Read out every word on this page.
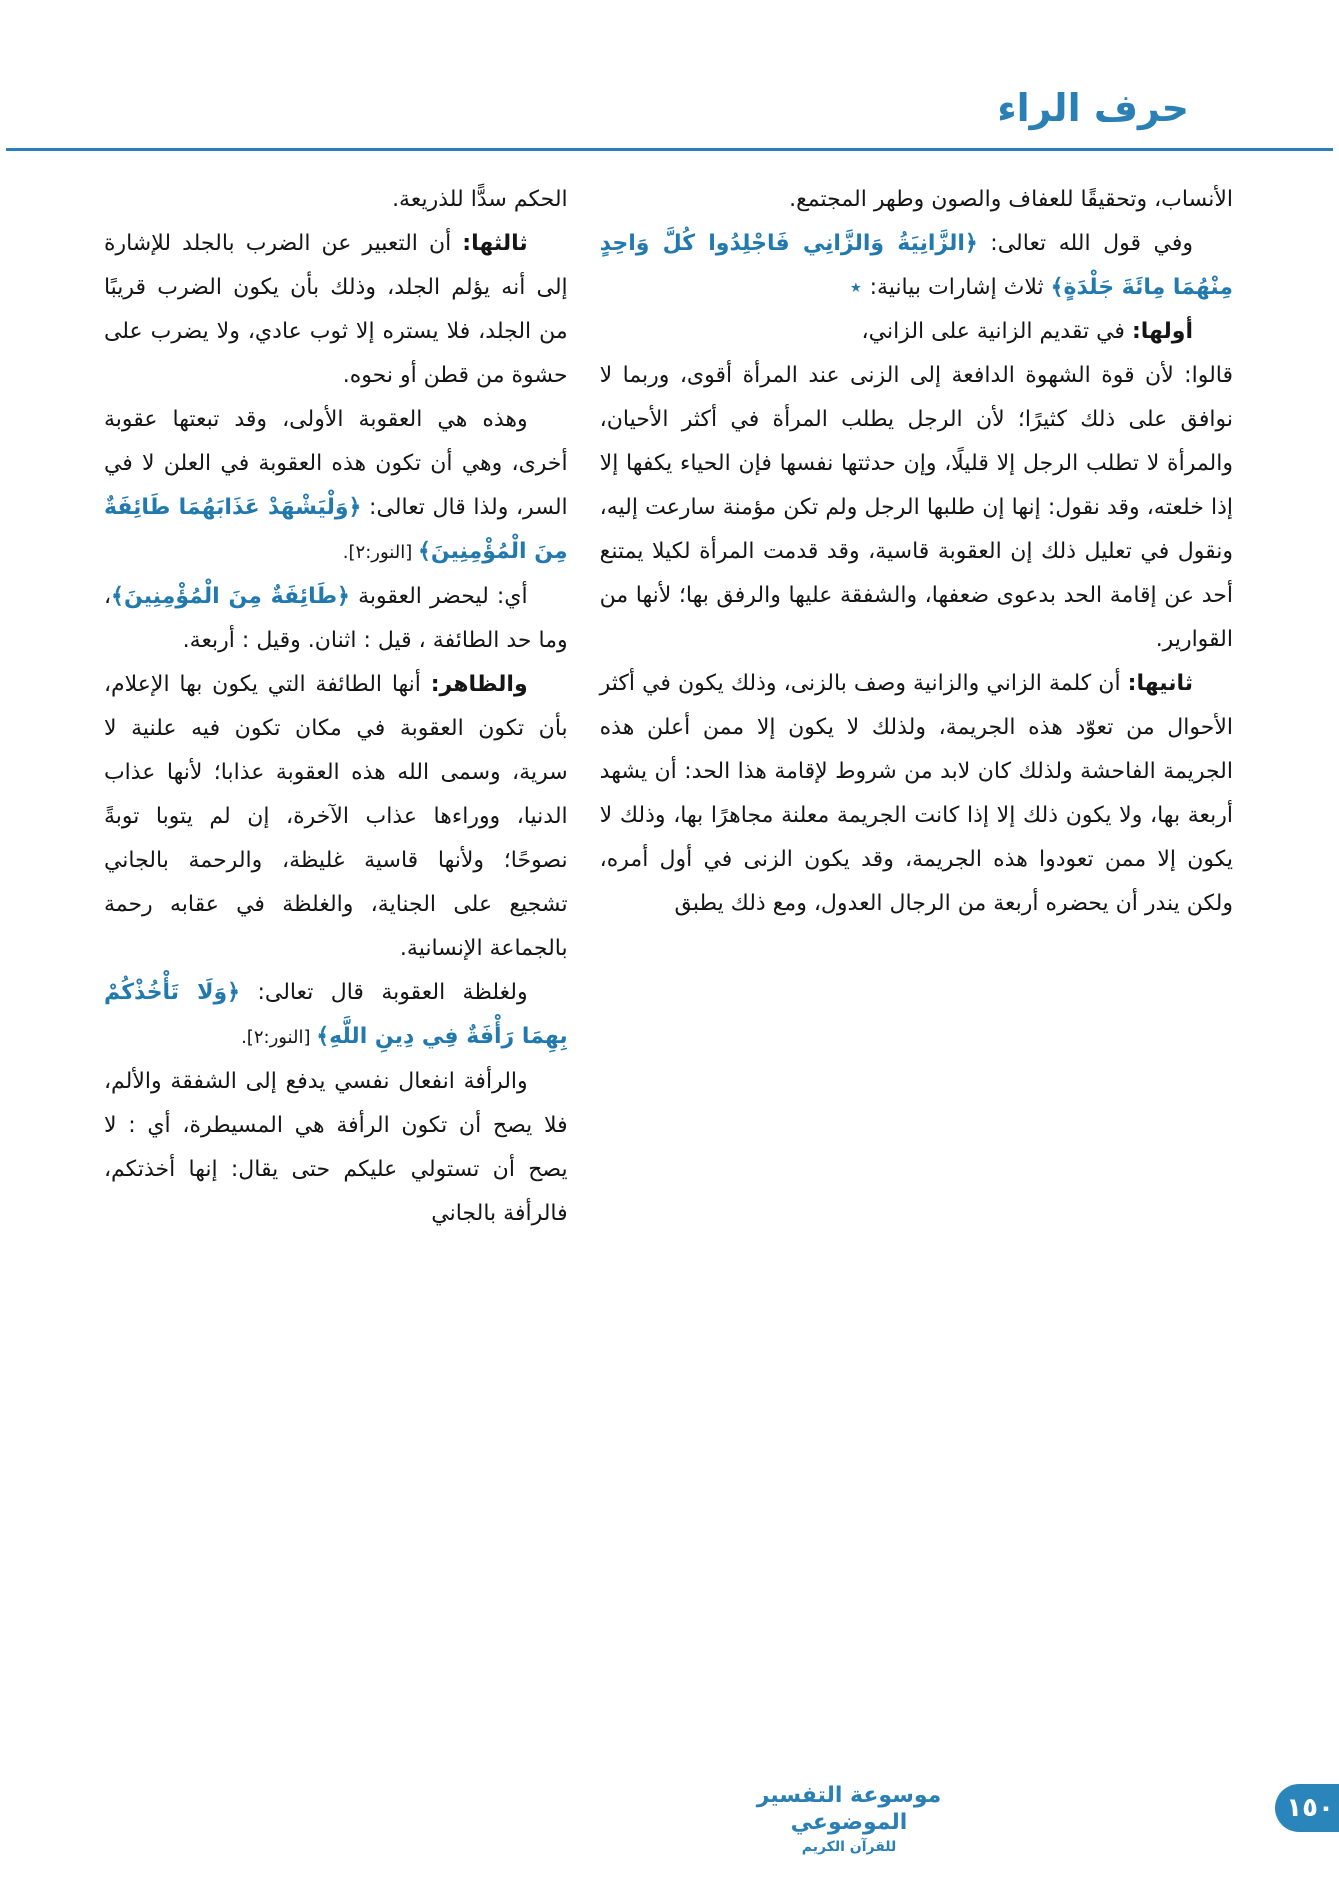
حرف الراء

الأنساب، وتحقيقًا للعفاف والصون وطهر المجتمع.

وفي قول الله تعالى: ﴿الزَّانِيَةُ وَالزَّانِي فَاجْلِدُوا كُلَّ وَاحِدٍ مِنْهُمَا مِائَةَ جَلْدَةٍ﴾ ثلاث إشارات بيانية: ٭

أولها: في تقديم الزانية على الزاني،

قالوا: لأن قوة الشهوة الدافعة إلى الزنى عند المرأة أقوى، وربما لا نوافق على ذلك كثيرًا؛ لأن الرجل يطلب المرأة في أكثر الأحيان، والمرأة لا تطلب الرجل إلا قليلًا، وإن حدثتها نفسها فإن الحياء يكفها إلا إذا خلعته، وقد نقول: إنها إن طلبها الرجل ولم تكن مؤمنة سارعت إليه، ونقول في تعليل ذلك إن العقوبة قاسية، وقد قدمت المرأة لكيلا يمتنع أحد عن إقامة الحد بدعوى ضعفها، والشفقة عليها والرفق بها؛ لأنها من القوارير.

ثانيها: أن كلمة الزاني والزانية وصف بالزنى، وذلك يكون في أكثر الأحوال من تعوّد هذه الجريمة، ولذلك لا يكون إلا ممن أعلن هذه الجريمة الفاحشة ولذلك كان لابد من شروط لإقامة هذا الحد: أن يشهد أربعة بها، ولا يكون ذلك إلا إذا كانت الجريمة معلنة مجاهرًا بها، وذلك لا يكون إلا ممن تعودوا هذه الجريمة، وقد يكون الزنى في أول أمره، ولكن يندر أن يحضره أربعة من الرجال العدول، ومع ذلك يطبق

الحكم سدًّا للذريعة.

ثالثها: أن التعبير عن الضرب بالجلد للإشارة إلى أنه يؤلم الجلد، وذلك بأن يكون الضرب قريبًا من الجلد، فلا يستره إلا ثوب عادي، ولا يضرب على حشوة من قطن أو نحوه.

وهذه هي العقوبة الأولى، وقد تبعتها عقوبة أخرى، وهي أن تكون هذه العقوبة في العلن لا في السر، ولذا قال تعالى: ﴿وَلْيَشْهَدْ عَذَابَهُمَا طَائِفَةٌ مِنَ الْمُؤْمِنِينَ﴾ [النور:٢].

أي: ليحضر العقوبة ﴿طَائِفَةٌ مِنَ الْمُؤْمِنِينَ﴾، وما حد الطائفة ، قيل : اثنان. وقيل : أربعة.

والظاهر: أنها الطائفة التي يكون بها الإعلام، بأن تكون العقوبة في مكان تكون فيه علنية لا سرية، وسمى الله هذه العقوبة عذابا؛ لأنها عذاب الدنيا، ووراءها عذاب الآخرة، إن لم يتوبا توبةً نصوحًا؛ ولأنها قاسية غليظة، والرحمة بالجاني تشجيع على الجناية، والغلظة في عقابه رحمة بالجماعة الإنسانية.

ولغلظة العقوبة قال تعالى: ﴿وَلَا تَأْخُذْكُمْ بِهِمَا رَأْفَةٌ فِي دِينِ اللَّهِ﴾ [النور:٢].

والرأفة انفعال نفسي يدفع إلى الشفقة والألم، فلا يصح أن تكون الرأفة هي المسيطرة، أي : لا يصح أن تستولي عليكم حتى يقال: إنها أخذتكم، فالرأفة بالجاني

موسوعة التفسير الموضوعي
للقرآن الكريم
١٥٠
